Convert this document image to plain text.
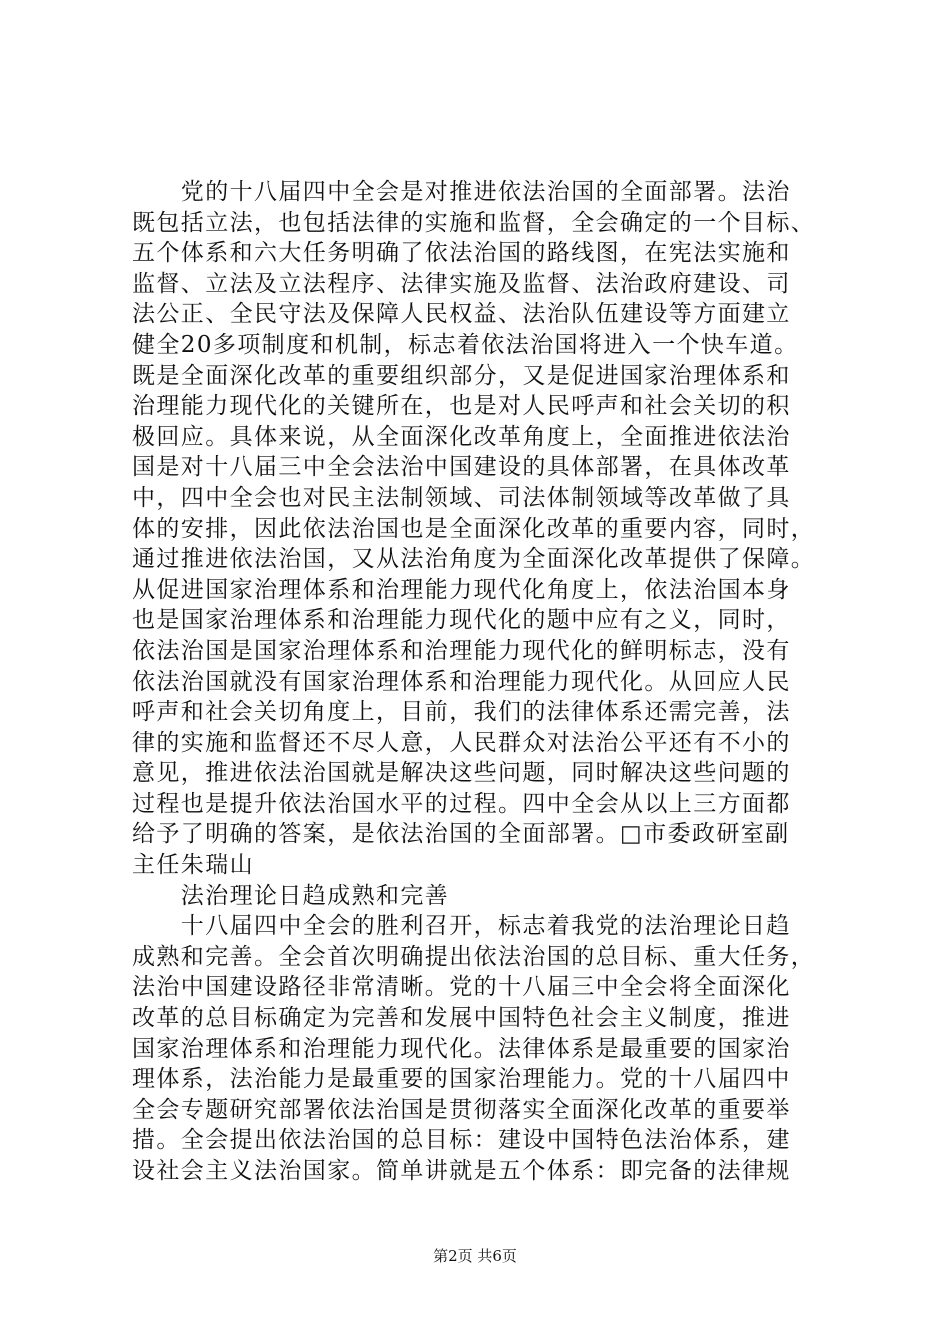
　　党的十八届四中全会是对推进依法治国的全面部署。法治
既包括立法，也包括法律的实施和监督，全会确定的一个目标、
五个体系和六大任务明确了依法治国的路线图，在宪法实施和
监督、立法及立法程序、法律实施及监督、法治政府建设、司
法公正、全民守法及保障人民权益、法治队伍建设等方面建立
健全20多项制度和机制，标志着依法治国将进入一个快车道。
既是全面深化改革的重要组织部分，又是促进国家治理体系和
治理能力现代化的关键所在，也是对人民呼声和社会关切的积
极回应。具体来说，从全面深化改革角度上，全面推进依法治
国是对十八届三中全会法治中国建设的具体部署，在具体改革
中，四中全会也对民主法制领域、司法体制领域等改革做了具
体的安排，因此依法治国也是全面深化改革的重要内容，同时，
通过推进依法治国，又从法治角度为全面深化改革提供了保障。
从促进国家治理体系和治理能力现代化角度上，依法治国本身
也是国家治理体系和治理能力现代化的题中应有之义，同时，
依法治国是国家治理体系和治理能力现代化的鲜明标志，没有
依法治国就没有国家治理体系和治理能力现代化。从回应人民
呼声和社会关切角度上，目前，我们的法律体系还需完善，法
律的实施和监督还不尽人意，人民群众对法治公平还有不小的
意见，推进依法治国就是解决这些问题，同时解决这些问题的
过程也是提升依法治国水平的过程。四中全会从以上三方面都
给予了明确的答案，是依法治国的全面部署。□市委政研室副
主任朱瑞山
　　法治理论日趋成熟和完善
　　十八届四中全会的胜利召开，标志着我党的法治理论日趋
成熟和完善。全会首次明确提出依法治国的总目标、重大任务，
法治中国建设路径非常清晰。党的十八届三中全会将全面深化
改革的总目标确定为完善和发展中国特色社会主义制度，推进
国家治理体系和治理能力现代化。法律体系是最重要的国家治
理体系，法治能力是最重要的国家治理能力。党的十八届四中
全会专题研究部署依法治国是贯彻落实全面深化改革的重要举
措。全会提出依法治国的总目标：建设中国特色法治体系，建
设社会主义法治国家。简单讲就是五个体系：即完备的法律规
第2页 共6页
